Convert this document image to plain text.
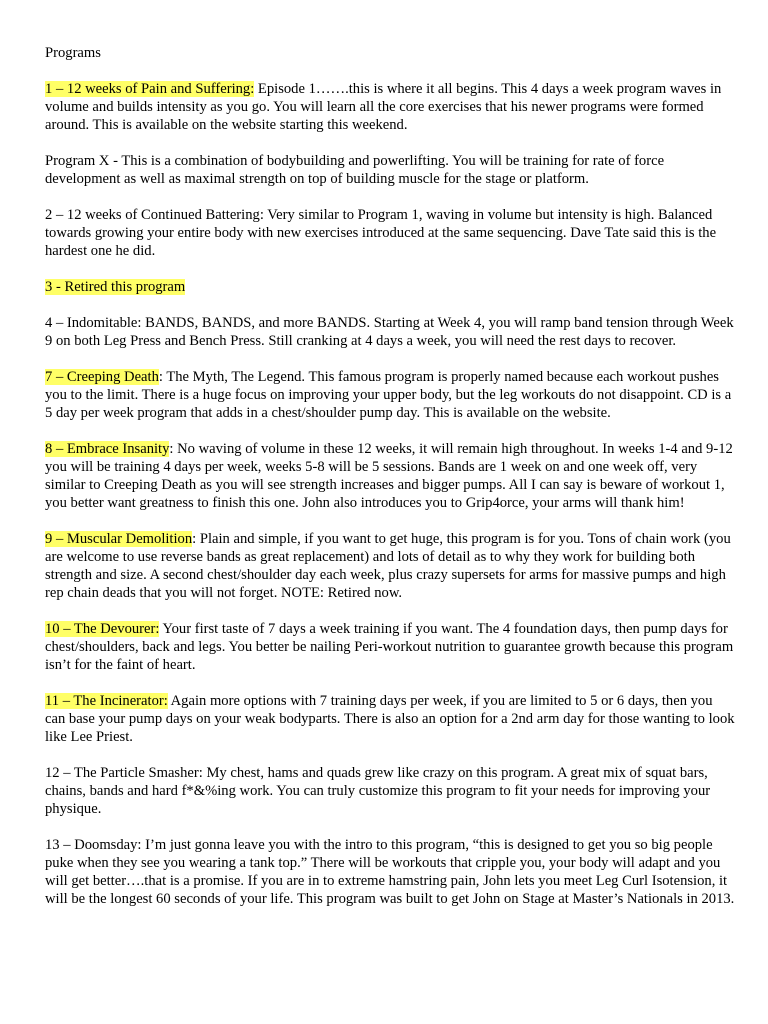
Programs
1 – 12 weeks of Pain and Suffering: Episode 1…….this is where it all begins. This 4 days a week program waves in volume and builds intensity as you go. You will learn all the core exercises that his newer programs were formed around. This is available on the website starting this weekend.
Program X - This is a combination of bodybuilding and powerlifting. You will be training for rate of force development as well as maximal strength on top of building muscle for the stage or platform.
2 – 12 weeks of Continued Battering: Very similar to Program 1, waving in volume but intensity is high. Balanced towards growing your entire body with new exercises introduced at the same sequencing. Dave Tate said this is the hardest one he did.
3 - Retired this program
4 – Indomitable: BANDS, BANDS, and more BANDS. Starting at Week 4, you will ramp band tension through Week 9 on both Leg Press and Bench Press. Still cranking at 4 days a week, you will need the rest days to recover.
7 – Creeping Death: The Myth, The Legend. This famous program is properly named because each workout pushes you to the limit. There is a huge focus on improving your upper body, but the leg workouts do not disappoint. CD is a 5 day per week program that adds in a chest/shoulder pump day. This is available on the website.
8 – Embrace Insanity: No waving of volume in these 12 weeks, it will remain high throughout. In weeks 1-4 and 9-12 you will be training 4 days per week, weeks 5-8 will be 5 sessions. Bands are 1 week on and one week off, very similar to Creeping Death as you will see strength increases and bigger pumps. All I can say is beware of workout 1, you better want greatness to finish this one. John also introduces you to Grip4orce, your arms will thank him!
9 – Muscular Demolition: Plain and simple, if you want to get huge, this program is for you. Tons of chain work (you are welcome to use reverse bands as great replacement) and lots of detail as to why they work for building both strength and size. A second chest/shoulder day each week, plus crazy supersets for arms for massive pumps and high rep chain deads that you will not forget. NOTE: Retired now.
10 – The Devourer: Your first taste of 7 days a week training if you want. The 4 foundation days, then pump days for chest/shoulders, back and legs. You better be nailing Peri-workout nutrition to guarantee growth because this program isn’t for the faint of heart.
11 – The Incinerator: Again more options with 7 training days per week, if you are limited to 5 or 6 days, then you can base your pump days on your weak bodyparts. There is also an option for a 2nd arm day for those wanting to look like Lee Priest.
12 – The Particle Smasher: My chest, hams and quads grew like crazy on this program. A great mix of squat bars, chains, bands and hard f*&%ing work. You can truly customize this program to fit your needs for improving your physique.
13 – Doomsday: I’m just gonna leave you with the intro to this program, “this is designed to get you so big people puke when they see you wearing a tank top.” There will be workouts that cripple you, your body will adapt and you will get better….that is a promise. If you are in to extreme hamstring pain, John lets you meet Leg Curl Isotension, it will be the longest 60 seconds of your life. This program was built to get John on Stage at Master’s Nationals in 2013.
